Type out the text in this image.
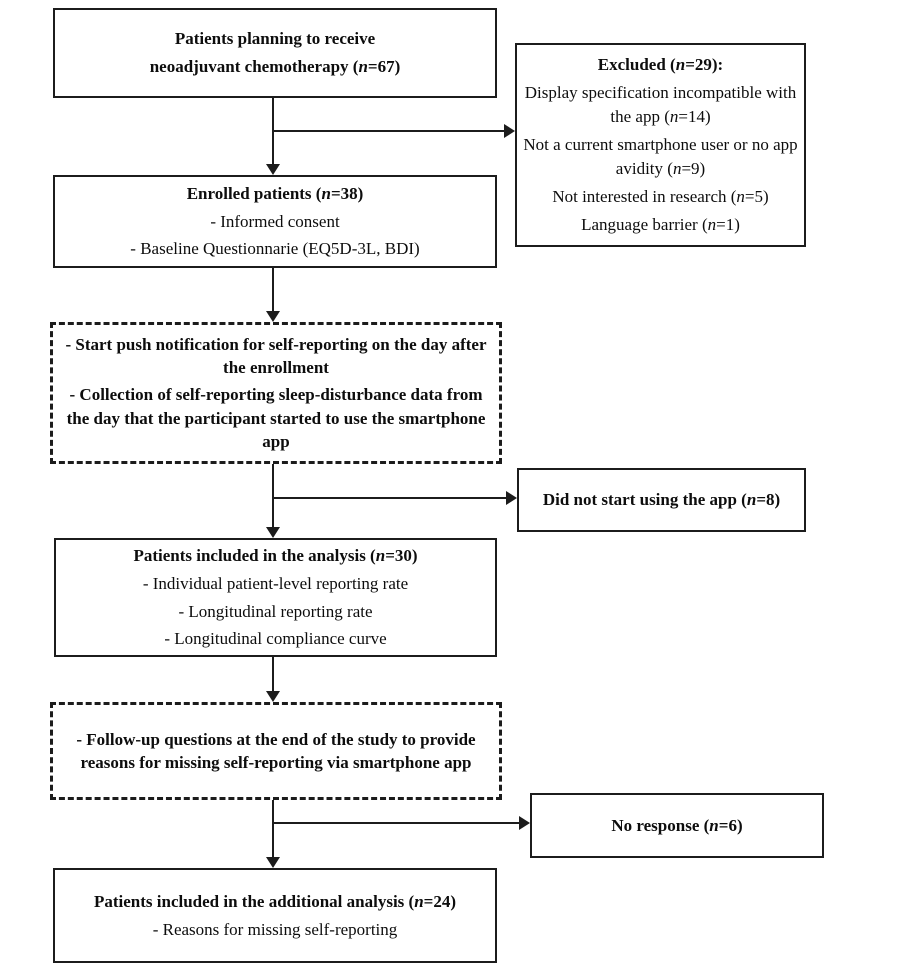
Patients planning to receive
neoadjuvant chemotherapy (n=67)
Enrolled patients (n=38)
- Informed consent
- Baseline Questionnarie (EQ5D-3L, BDI)
- Start push notification for self-reporting on the day after the enrollment
- Collection of self-reporting sleep-disturbance data from the day that the participant started to use the smartphone app
Patients included in the analysis (n=30)
- Individual patient-level reporting rate
- Longitudinal reporting rate
- Longitudinal compliance curve
- Follow-up questions at the end of the study to provide reasons for missing self-reporting via smartphone app
Patients included in the additional analysis (n=24)
- Reasons for missing self-reporting
Excluded (n=29):
Display specification incompatible with the app (n=14)
Not a current smartphone user or no app avidity (n=9)
Not interested in research (n=5)
Language barrier (n=1)
Did not start using the app (n=8)
No response (n=6)
